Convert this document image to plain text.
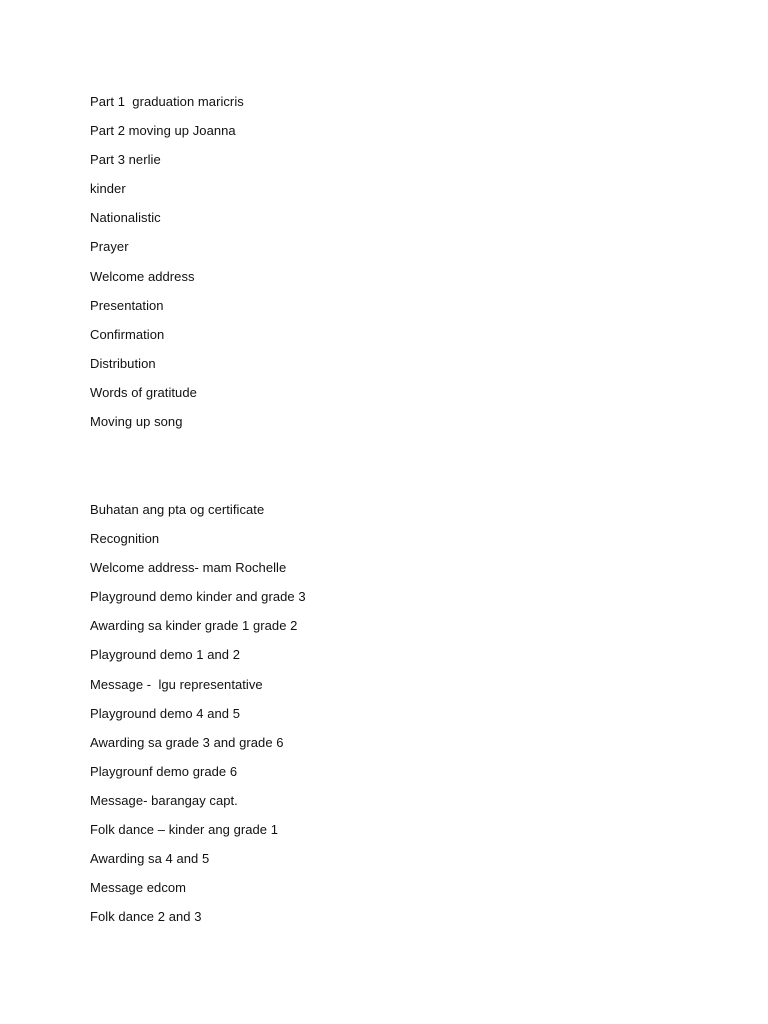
Part 1  graduation maricris
Part 2 moving up Joanna
Part 3 nerlie
kinder
Nationalistic
Prayer
Welcome address
Presentation
Confirmation
Distribution
Words of gratitude
Moving up song
Buhatan ang pta og certificate
Recognition
Welcome address- mam Rochelle
Playground demo kinder and grade 3
Awarding sa kinder grade 1 grade 2
Playground demo 1 and 2
Message -  lgu representative
Playground demo 4 and 5
Awarding sa grade 3 and grade 6
Playgrounf demo grade 6
Message- barangay capt.
Folk dance – kinder ang grade 1
Awarding sa 4 and 5
Message edcom
Folk dance 2 and 3
